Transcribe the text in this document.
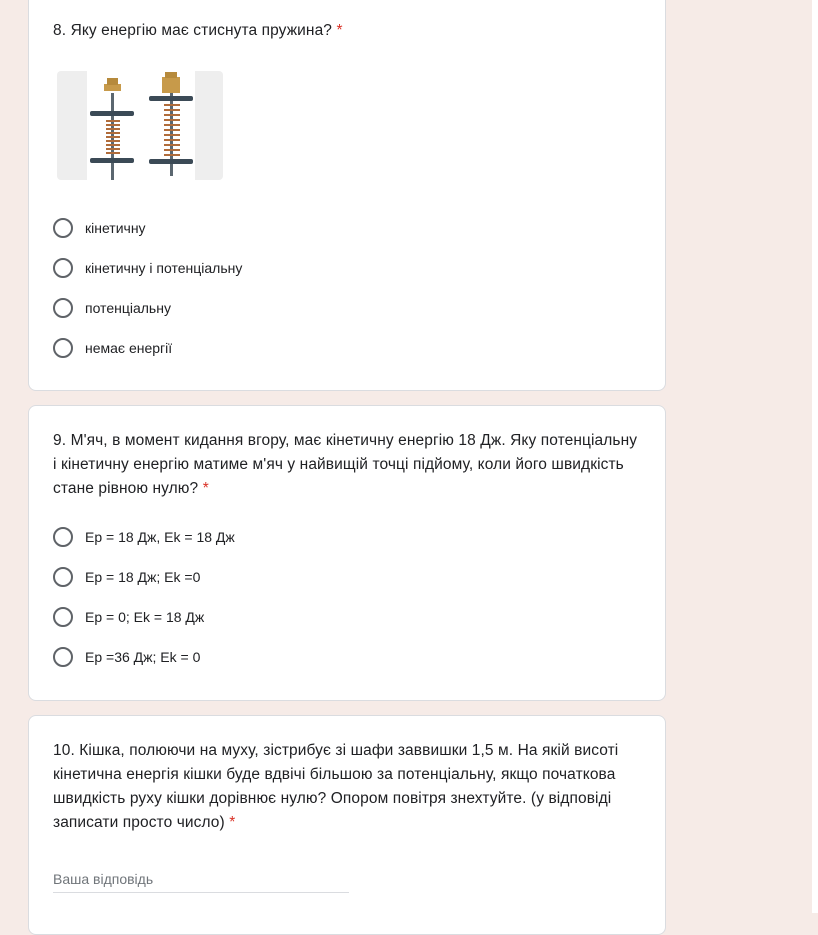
8. Яку енергію має стиснута пружина? *
кінетичну
кінетичну і потенціальну
потенціальну
немає енергії
9. М'яч, в момент кидання вгору, має кінетичну енергію 18 Дж. Яку потенціальну і кінетичну енергію матиме м'яч у найвищій точці підйому, коли його швидкість стане рівною нулю? *
Ер = 18 Дж, Еk = 18 Дж
Ер = 18 Дж; Еk =0
Ер = 0; Еk = 18 Дж
Ер =36 Дж; Еk = 0
10. Кішка, полюючи на муху, зістрибує зі шафи заввишки 1,5 м. На якій висоті кінетична енергія кішки буде вдвічі більшою за потенціальну, якщо початкова швидкість руху кішки дорівнює нулю? Опором повітря знехтуйте. (у відповіді записати просто число) *
Ваша відповідь
